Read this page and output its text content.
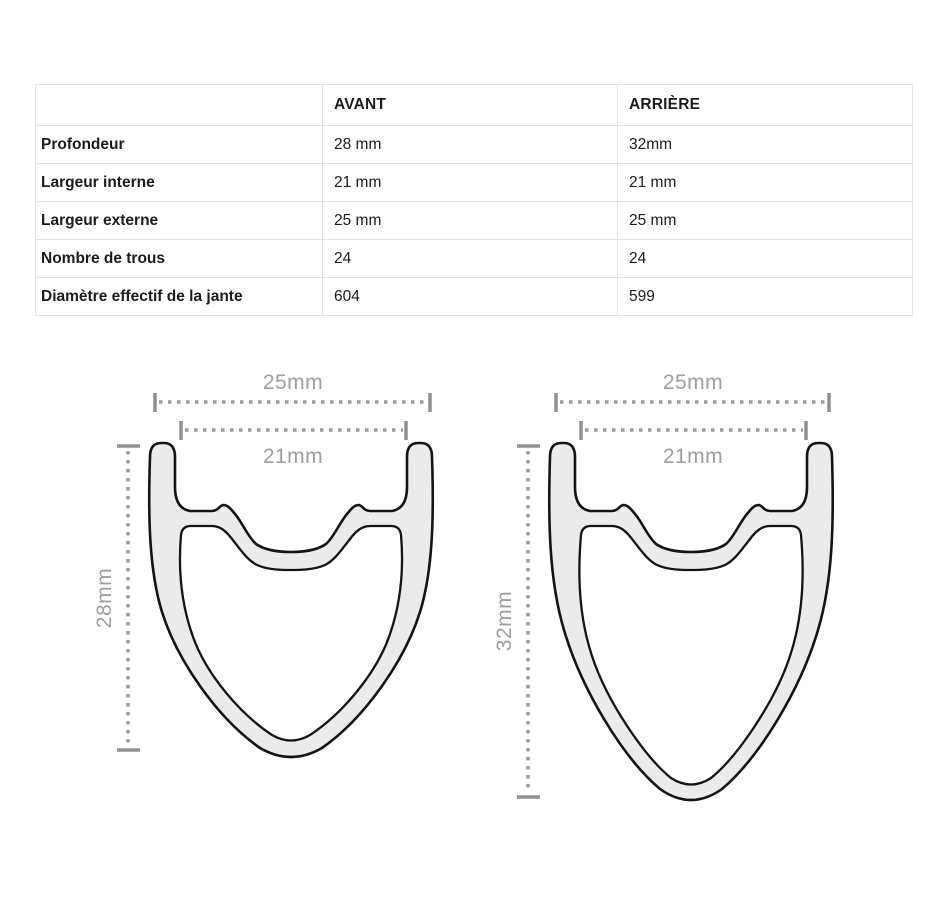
	AVANT	ARRIÈRE
Profondeur	28 mm	32mm
Largeur interne	21 mm	21 mm
Largeur externe	25 mm	25 mm
Nombre de trous	24	24
Diamètre effectif de la jante	604	599
25mm
21mm
28mm
25mm
21mm
32mm
